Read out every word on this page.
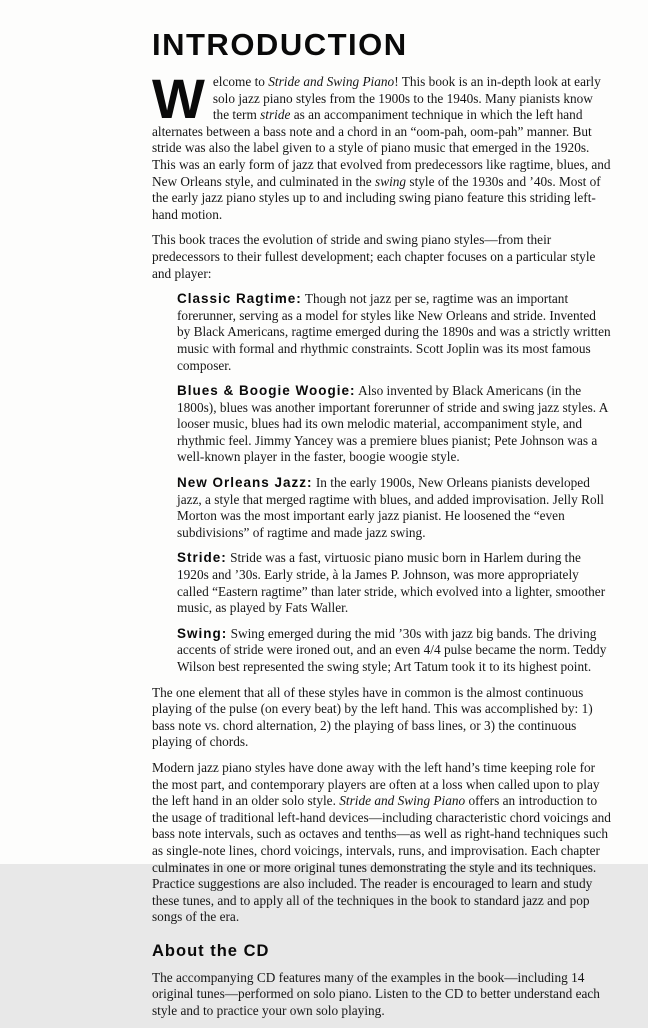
INTRODUCTION

Welcome to Stride and Swing Piano! This book is an in-depth look at early solo jazz piano styles from the 1900s to the 1940s. Many pianists know the term stride as an accompaniment technique in which the left hand alternates between a bass note and a chord in an “oom-pah, oom-pah” manner. But stride was also the label given to a style of piano music that emerged in the 1920s. This was an early form of jazz that evolved from predecessors like ragtime, blues, and New Orleans style, and culminated in the swing style of the 1930s and ’40s. Most of the early jazz piano styles up to and including swing piano feature this striding left-hand motion.

This book traces the evolution of stride and swing piano styles—from their predecessors to their fullest development; each chapter focuses on a particular style and player:

Classic Ragtime: Though not jazz per se, ragtime was an important forerunner, serving as a model for styles like New Orleans and stride. Invented by Black Americans, ragtime emerged during the 1890s and was a strictly written music with formal and rhythmic constraints. Scott Joplin was its most famous composer.
Blues & Boogie Woogie: Also invented by Black Americans (in the 1800s), blues was another important forerunner of stride and swing jazz styles. A looser music, blues had its own melodic material, accompaniment style, and rhythmic feel. Jimmy Yancey was a premiere blues pianist; Pete Johnson was a well-known player in the faster, boogie woogie style.
New Orleans Jazz: In the early 1900s, New Orleans pianists developed jazz, a style that merged ragtime with blues, and added improvisation. Jelly Roll Morton was the most important early jazz pianist. He loosened the “even subdivisions” of ragtime and made jazz swing.
Stride: Stride was a fast, virtuosic piano music born in Harlem during the 1920s and ’30s. Early stride, à la James P. Johnson, was more appropriately called “Eastern ragtime” than later stride, which evolved into a lighter, smoother music, as played by Fats Waller.
Swing: Swing emerged during the mid ’30s with jazz big bands. The driving accents of stride were ironed out, and an even 4/4 pulse became the norm. Teddy Wilson best represented the swing style; Art Tatum took it to its highest point.

The one element that all of these styles have in common is the almost continuous playing of the pulse (on every beat) by the left hand. This was accomplished by: 1) bass note vs. chord alternation, 2) the playing of bass lines, or 3) the continuous playing of chords.

Modern jazz piano styles have done away with the left hand’s time keeping role for the most part, and contemporary players are often at a loss when called upon to play the left hand in an older solo style. Stride and Swing Piano offers an introduction to the usage of traditional left-hand devices—including characteristic chord voicings and bass note intervals, such as octaves and tenths—as well as right-hand techniques such as single-note lines, chord voicings, intervals, runs, and improvisation. Each chapter culminates in one or more original tunes demonstrating the style and its techniques. Practice suggestions are also included. The reader is encouraged to learn and study these tunes, and to apply all of the techniques in the book to standard jazz and pop songs of the era.

About the CD

The accompanying CD features many of the examples in the book—including 14 original tunes—performed on solo piano. Listen to the CD to better understand each style and to practice your own solo playing.
